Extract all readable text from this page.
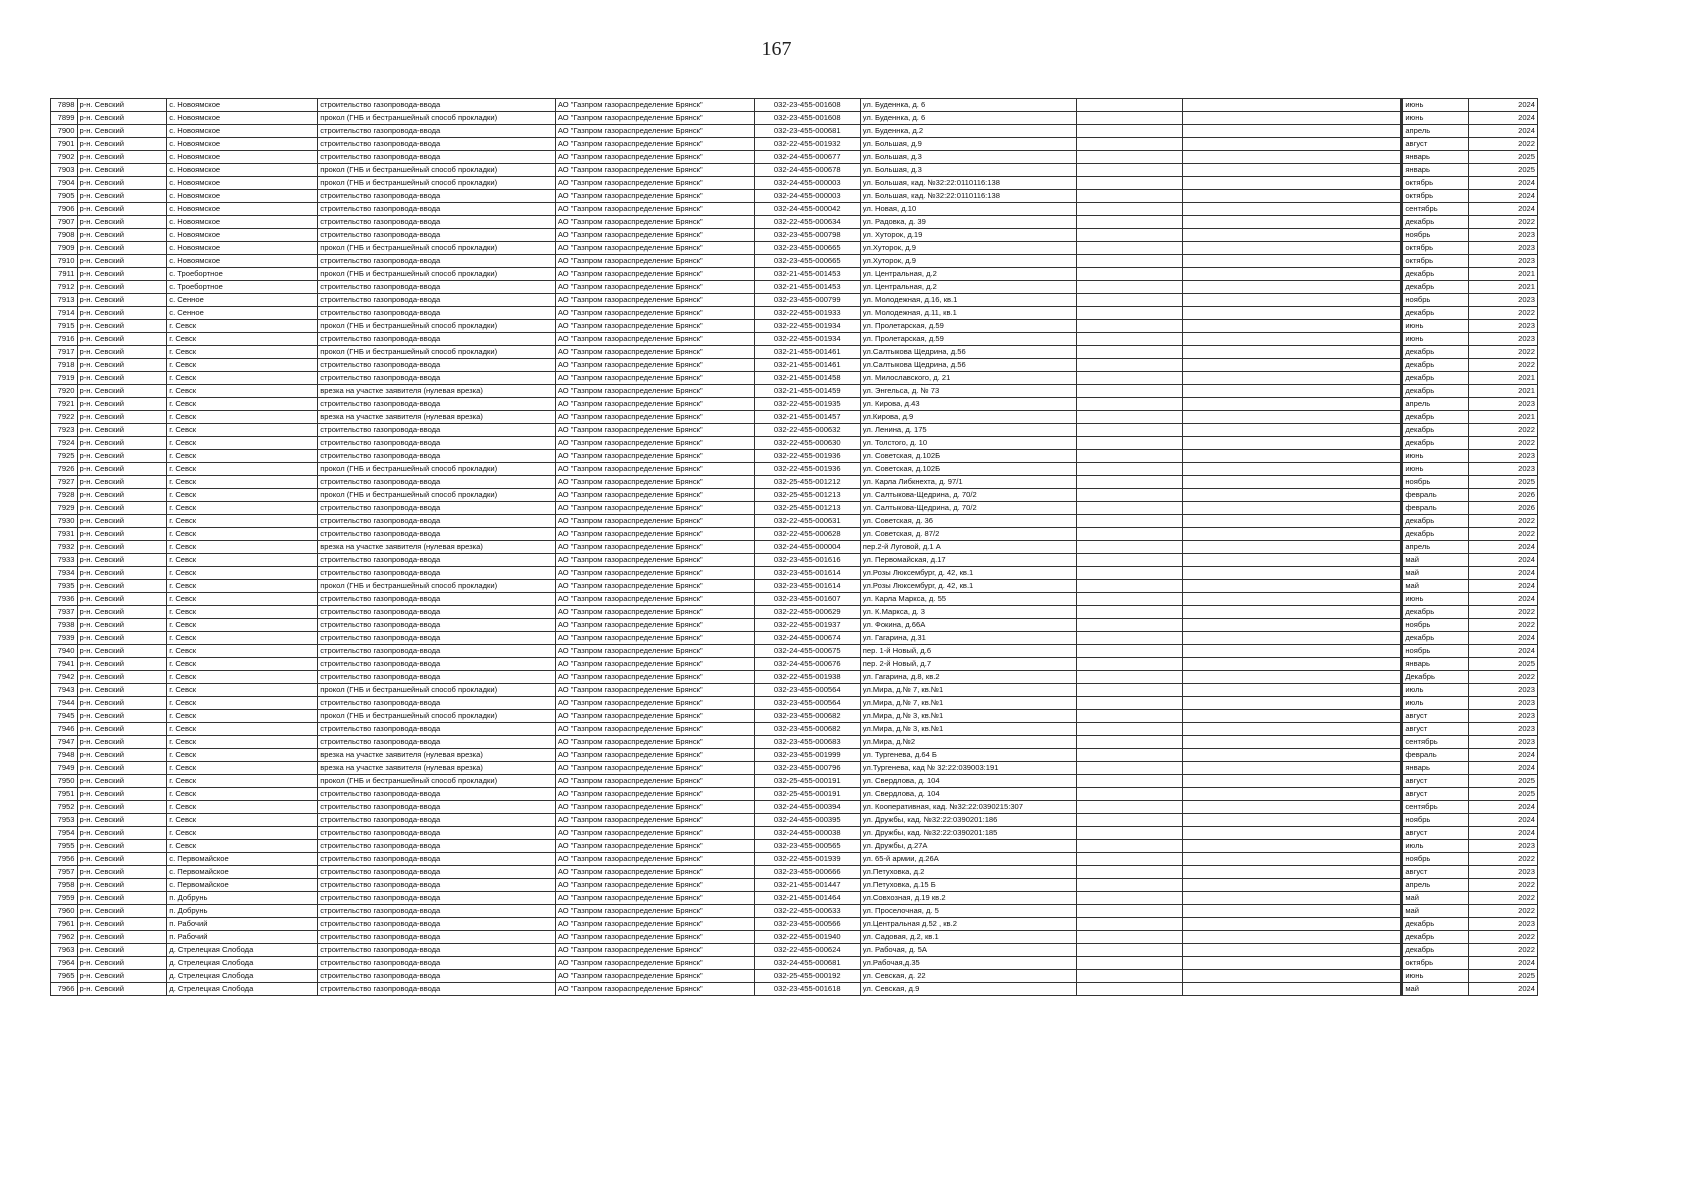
167
7898	р-н. Севский	с. Новоямское	строительство газопровода-ввода	АО "Газпром газораспределение Брянск"	032-23-455-001608	ул. Буденнка, д. 6					июнь	2024
7899	р-н. Севский	с. Новоямское	прокол (ГНБ и бестраншейный способ прокладки)	АО "Газпром газораспределение Брянск"	032-23-455-001608	ул. Буденнка, д. 6					июнь	2024
7900	р-н. Севский	с. Новоямское	строительство газопровода-ввода	АО "Газпром газораспределение Брянск"	032-23-455-000681	ул. Буденнка, д.2					апрель	2024
7901	р-н. Севский	с. Новоямское	строительство газопровода-ввода	АО "Газпром газораспределение Брянск"	032-22-455-001932	ул. Большая, д.9					август	2022
7902	р-н. Севский	с. Новоямское	строительство газопровода-ввода	АО "Газпром газораспределение Брянск"	032-24-455-000677	ул. Большая, д.3					январь	2025
7903	р-н. Севский	с. Новоямское	прокол (ГНБ и бестраншейный способ прокладки)	АО "Газпром газораспределение Брянск"	032-24-455-000678	ул. Большая, д.3					январь	2025
7904	р-н. Севский	с. Новоямское	прокол (ГНБ и бестраншейный способ прокладки)	АО "Газпром газораспределение Брянск"	032-24-455-000003	ул. Большая, кад. №32:22:0110116:138					октябрь	2024
7905	р-н. Севский	с. Новоямское	строительство газопровода-ввода	АО "Газпром газораспределение Брянск"	032-24-455-000003	ул. Большая, кад. №32:22:0110116:138					октябрь	2024
7906	р-н. Севский	с. Новоямское	строительство газопровода-ввода	АО "Газпром газораспределение Брянск"	032-24-455-000042	ул. Новая, д.10					сентябрь	2024
7907	р-н. Севский	с. Новоямское	строительство газопровода-ввода	АО "Газпром газораспределение Брянск"	032-22-455-000634	ул. Радовка, д. 39					декабрь	2022
7908	р-н. Севский	с. Новоямское	строительство газопровода-ввода	АО "Газпром газораспределение Брянск"	032-23-455-000798	ул. Хуторок, д.19					ноябрь	2023
7909	р-н. Севский	с. Новоямское	прокол (ГНБ и бестраншейный способ прокладки)	АО "Газпром газораспределение Брянск"	032-23-455-000665	ул.Хуторок, д.9					октябрь	2023
7910	р-н. Севский	с. Новоямское	строительство газопровода-ввода	АО "Газпром газораспределение Брянск"	032-23-455-000665	ул.Хуторок, д.9					октябрь	2023
7911	р-н. Севский	с. Троебортное	прокол (ГНБ и бестраншейный способ прокладки)	АО "Газпром газораспределение Брянск"	032-21-455-001453	ул. Центральная, д.2					декабрь	2021
7912	р-н. Севский	с. Троебортное	строительство газопровода-ввода	АО "Газпром газораспределение Брянск"	032-21-455-001453	ул. Центральная, д.2					декабрь	2021
7913	р-н. Севский	с. Сенное	строительство газопровода-ввода	АО "Газпром газораспределение Брянск"	032-23-455-000799	ул. Молодежная, д.16, кв.1					ноябрь	2023
7914	р-н. Севский	с. Сенное	строительство газопровода-ввода	АО "Газпром газораспределение Брянск"	032-22-455-001933	ул. Молодежная, д.11, кв.1					декабрь	2022
7915	р-н. Севский	г. Севск	прокол (ГНБ и бестраншейный способ прокладки)	АО "Газпром газораспределение Брянск"	032-22-455-001934	ул. Пролетарская, д.59					июнь	2023
7916	р-н. Севский	г. Севск	строительство газопровода-ввода	АО "Газпром газораспределение Брянск"	032-22-455-001934	ул. Пролетарская, д.59					июнь	2023
7917	р-н. Севский	г. Севск	прокол (ГНБ и бестраншейный способ прокладки)	АО "Газпром газораспределение Брянск"	032-21-455-001461	ул.Салтыкова Щедрина, д.56					декабрь	2022
7918	р-н. Севский	г. Севск	строительство газопровода-ввода	АО "Газпром газораспределение Брянск"	032-21-455-001461	ул.Салтыкова Щедрина, д.56					декабрь	2022
7919	р-н. Севский	г. Севск	строительство газопровода-ввода	АО "Газпром газораспределение Брянск"	032-21-455-001458	ул. Милославского, д. 21					декабрь	2021
7920	р-н. Севский	г. Севск	врезка на участке заявителя (нулевая врезка)	АО "Газпром газораспределение Брянск"	032-21-455-001459	ул. Энгельса, д. № 73					декабрь	2021
7921	р-н. Севский	г. Севск	строительство газопровода-ввода	АО "Газпром газораспределение Брянск"	032-22-455-001935	ул. Кирова, д.43					апрель	2023
7922	р-н. Севский	г. Севск	врезка на участке заявителя (нулевая врезка)	АО "Газпром газораспределение Брянск"	032-21-455-001457	ул.Кирова, д.9					декабрь	2021
7923	р-н. Севский	г. Севск	строительство газопровода-ввода	АО "Газпром газораспределение Брянск"	032-22-455-000632	ул. Ленина, д. 175					декабрь	2022
7924	р-н. Севский	г. Севск	строительство газопровода-ввода	АО "Газпром газораспределение Брянск"	032-22-455-000630	ул. Толстого, д. 10					декабрь	2022
7925	р-н. Севский	г. Севск	строительство газопровода-ввода	АО "Газпром газораспределение Брянск"	032-22-455-001936	ул. Советская, д.102Б					июнь	2023
7926	р-н. Севский	г. Севск	прокол (ГНБ и бестраншейный способ прокладки)	АО "Газпром газораспределение Брянск"	032-22-455-001936	ул. Советская, д.102Б					июнь	2023
7927	р-н. Севский	г. Севск	строительство газопровода-ввода	АО "Газпром газораспределение Брянск"	032-25-455-001212	ул. Карла Либкнехта, д. 97/1					ноябрь	2025
7928	р-н. Севский	г. Севск	прокол (ГНБ и бестраншейный способ прокладки)	АО "Газпром газораспределение Брянск"	032-25-455-001213	ул. Салтыкова-Щедрина, д. 70/2					февраль	2026
7929	р-н. Севский	г. Севск	строительство газопровода-ввода	АО "Газпром газораспределение Брянск"	032-25-455-001213	ул. Салтыкова-Щедрина, д. 70/2					февраль	2026
7930	р-н. Севский	г. Севск	строительство газопровода-ввода	АО "Газпром газораспределение Брянск"	032-22-455-000631	ул. Советская, д. 36					декабрь	2022
7931	р-н. Севский	г. Севск	строительство газопровода-ввода	АО "Газпром газораспределение Брянск"	032-22-455-000628	ул. Советская, д. 87/2					декабрь	2022
7932	р-н. Севский	г. Севск	врезка на участке заявителя (нулевая врезка)	АО "Газпром газораспределение Брянск"	032-24-455-000004	пер.2-й Луговой, д.1 А					апрель	2024
7933	р-н. Севский	г. Севск	строительство газопровода-ввода	АО "Газпром газораспределение Брянск"	032-23-455-001616	ул. Первомайская, д.17					май	2024
7934	р-н. Севский	г. Севск	строительство газопровода-ввода	АО "Газпром газораспределение Брянск"	032-23-455-001614	ул.Розы Люксембург, д. 42, кв.1					май	2024
7935	р-н. Севский	г. Севск	прокол (ГНБ и бестраншейный способ прокладки)	АО "Газпром газораспределение Брянск"	032-23-455-001614	ул.Розы Люксембург, д. 42, кв.1					май	2024
7936	р-н. Севский	г. Севск	строительство газопровода-ввода	АО "Газпром газораспределение Брянск"	032-23-455-001607	ул. Карла Маркса, д. 55					июнь	2024
7937	р-н. Севский	г. Севск	строительство газопровода-ввода	АО "Газпром газораспределение Брянск"	032-22-455-000629	ул. К.Маркса, д. 3					декабрь	2022
7938	р-н. Севский	г. Севск	строительство газопровода-ввода	АО "Газпром газораспределение Брянск"	032-22-455-001937	ул. Фокина, д.66А					ноябрь	2022
7939	р-н. Севский	г. Севск	строительство газопровода-ввода	АО "Газпром газораспределение Брянск"	032-24-455-000674	ул. Гагарина, д.31					декабрь	2024
7940	р-н. Севский	г. Севск	строительство газопровода-ввода	АО "Газпром газораспределение Брянск"	032-24-455-000675	пер. 1-й Новый, д.6					ноябрь	2024
7941	р-н. Севский	г. Севск	строительство газопровода-ввода	АО "Газпром газораспределение Брянск"	032-24-455-000676	пер. 2-й Новый, д.7					январь	2025
7942	р-н. Севский	г. Севск	строительство газопровода-ввода	АО "Газпром газораспределение Брянск"	032-22-455-001938	ул. Гагарина, д.8, кв.2					Декабрь	2022
7943	р-н. Севский	г. Севск	прокол (ГНБ и бестраншейный способ прокладки)	АО "Газпром газораспределение Брянск"	032-23-455-000564	ул.Мира, д.№ 7, кв.№1					июль	2023
7944	р-н. Севский	г. Севск	строительство газопровода-ввода	АО "Газпром газораспределение Брянск"	032-23-455-000564	ул.Мира, д.№ 7, кв.№1					июль	2023
7945	р-н. Севский	г. Севск	прокол (ГНБ и бестраншейный способ прокладки)	АО "Газпром газораспределение Брянск"	032-23-455-000682	ул.Мира, д.№ 3, кв.№1					август	2023
7946	р-н. Севский	г. Севск	строительство газопровода-ввода	АО "Газпром газораспределение Брянск"	032-23-455-000682	ул.Мира, д.№ 3, кв.№1					август	2023
7947	р-н. Севский	г. Севск	строительство газопровода-ввода	АО "Газпром газораспределение Брянск"	032-23-455-000683	ул.Мира, д.№2					сентябрь	2023
7948	р-н. Севский	г. Севск	врезка на участке заявителя (нулевая врезка)	АО "Газпром газораспределение Брянск"	032-23-455-001999	ул. Тургенева, д.64 Б					февраль	2024
7949	р-н. Севский	г. Севск	врезка на участке заявителя (нулевая врезка)	АО "Газпром газораспределение Брянск"	032-23-455-000796	ул.Тургенева, кад № 32:22:039003:191					январь	2024
7950	р-н. Севский	г. Севск	прокол (ГНБ и бестраншейный способ прокладки)	АО "Газпром газораспределение Брянск"	032-25-455-000191	ул. Свердлова, д. 104					август	2025
7951	р-н. Севский	г. Севск	строительство газопровода-ввода	АО "Газпром газораспределение Брянск"	032-25-455-000191	ул. Свердлова, д. 104					август	2025
7952	р-н. Севский	г. Севск	строительство газопровода-ввода	АО "Газпром газораспределение Брянск"	032-24-455-000394	ул. Кооперативная, кад. №32:22:0390215:307					сентябрь	2024
7953	р-н. Севский	г. Севск	строительство газопровода-ввода	АО "Газпром газораспределение Брянск"	032-24-455-000395	ул. Дружбы, кад. №32:22:0390201:186					ноябрь	2024
7954	р-н. Севский	г. Севск	строительство газопровода-ввода	АО "Газпром газораспределение Брянск"	032-24-455-000038	ул. Дружбы, кад. №32:22:0390201:185					август	2024
7955	р-н. Севский	г. Севск	строительство газопровода-ввода	АО "Газпром газораспределение Брянск"	032-23-455-000565	ул. Дружбы, д.27А					июль	2023
7956	р-н. Севский	с. Первомайское	строительство газопровода-ввода	АО "Газпром газораспределение Брянск"	032-22-455-001939	ул. 65-й армии, д.26А					ноябрь	2022
7957	р-н. Севский	с. Первомайское	строительство газопровода-ввода	АО "Газпром газораспределение Брянск"	032-23-455-000666	ул.Петуховка, д.2					август	2023
7958	р-н. Севский	с. Первомайское	строительство газопровода-ввода	АО "Газпром газораспределение Брянск"	032-21-455-001447	ул.Петуховка, д.15 Б					апрель	2022
7959	р-н. Севский	п. Добрунь	строительство газопровода-ввода	АО "Газпром газораспределение Брянск"	032-21-455-001464	ул.Совхозная, д.19 кв.2					май	2022
7960	р-н. Севский	п. Добрунь	строительство газопровода-ввода	АО "Газпром газораспределение Брянск"	032-22-455-000633	ул. Проселочная, д. 5					май	2022
7961	р-н. Севский	п. Рабочий	строительство газопровода-ввода	АО "Газпром газораспределение Брянск"	032-23-455-000566	ул.Центральная д.52 , кв.2					декабрь	2023
7962	р-н. Севский	п. Рабочий	строительство газопровода-ввода	АО "Газпром газораспределение Брянск"	032-22-455-001940	ул. Садовая, д.2, кв.1					декабрь	2022
7963	р-н. Севский	д. Стрелецкая Слобода	строительство газопровода-ввода	АО "Газпром газораспределение Брянск"	032-22-455-000624	ул. Рабочая, д. 5А					декабрь	2022
7964	р-н. Севский	д. Стрелецкая Слобода	строительство газопровода-ввода	АО "Газпром газораспределение Брянск"	032-24-455-000681	ул.Рабочая,д.35					октябрь	2024
7965	р-н. Севский	д. Стрелецкая Слобода	строительство газопровода-ввода	АО "Газпром газораспределение Брянск"	032-25-455-000192	ул. Севская, д. 22					июнь	2025
7966	р-н. Севский	д. Стрелецкая Слобода	строительство газопровода-ввода	АО "Газпром газораспределение Брянск"	032-23-455-001618	ул. Севская, д.9					май	2024
